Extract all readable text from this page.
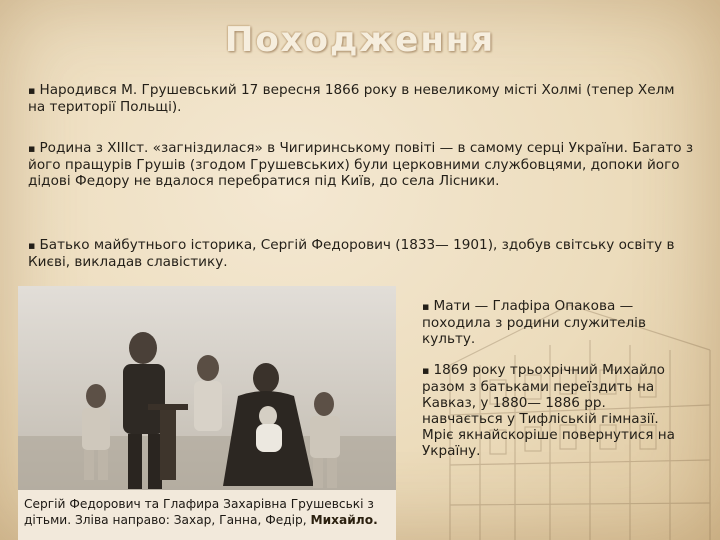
Походження
▪ Народився М. Грушевський 17 вересня 1866 року в невеликому місті Холмі (тепер Хелм на території Польщі).
▪ Родина з XIIIст. «загніздилася» в Чигиринському повіті — в самому серці України. Багато з його пращурів Грушів (згодом Грушевських) були церковними службовцями, допоки його дідові Федору не вдалося перебратися під Київ, до села Лісники.
▪ Батько майбутнього історика, Сергій Федорович (1833— 1901), здобув світську освіту в Києві, викладав славістику.
▪ Мати — Глафіра Опакова — походила з родини служителів культу.
▪ 1869 року трьохрічний Михайло разом з батьками переїздить на Кавказ, у 1880— 1886 рр. навчається у Тифліській гімназії. Мріє якнайскоріше повернутися на Україну.
Сергій Федорович та Глафира Захарівна Грушевські з дітьми. Зліва направо: Захар, Ганна, Федір, Михайло.
